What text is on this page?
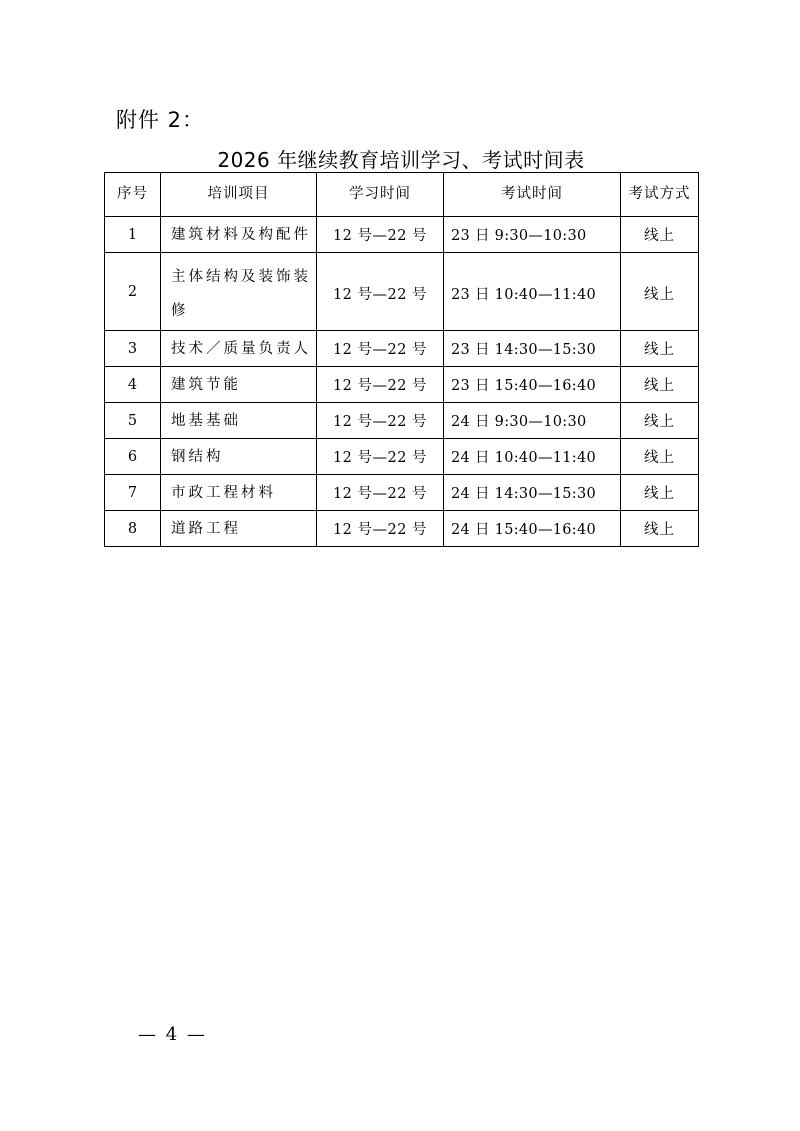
附件 2：
2026 年继续教育培训学习、考试时间表
序号	培训项目	学习时间	考试时间	考试方式
1	建筑材料及构配件	12 号—22 号	23 日 9:30—10:30	线上
2	主体结构及装饰装修	12 号—22 号	23 日 10:40—11:40	线上
3	技术／质量负责人	12 号—22 号	23 日 14:30—15:30	线上
4	建筑节能	12 号—22 号	23 日 15:40—16:40	线上
5	地基基础	12 号—22 号	24 日 9:30—10:30	线上
6	钢结构	12 号—22 号	24 日 10:40—11:40	线上
7	市政工程材料	12 号—22 号	24 日 14:30—15:30	线上
8	道路工程	12 号—22 号	24 日 15:40—16:40	线上
— 4 —
